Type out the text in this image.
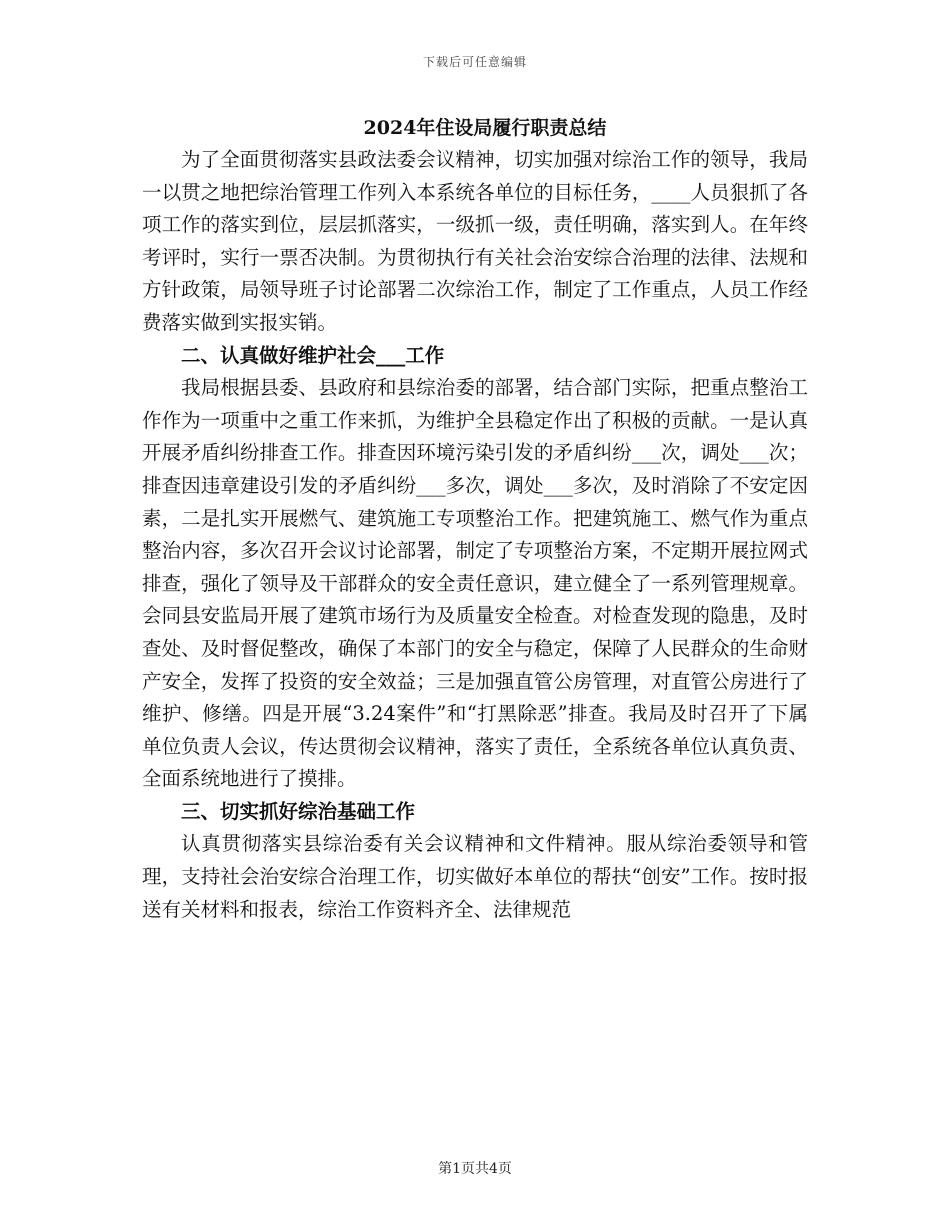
下载后可任意编辑
2024年住设局履行职责总结

为了全面贯彻落实县政法委会议精神，切实加强对综治工作的领导，我局一以贯之地把综治管理工作列入本系统各单位的目标任务，____人员狠抓了各项工作的落实到位，层层抓落实，一级抓一级，责任明确，落实到人。在年终考评时，实行一票否决制。为贯彻执行有关社会治安综合治理的法律、法规和方针政策，局领导班子讨论部署二次综治工作，制定了工作重点，人员工作经费落实做到实报实销。

二、认真做好维护社会___工作

我局根据县委、县政府和县综治委的部署，结合部门实际，把重点整治工作作为一项重中之重工作来抓，为维护全县稳定作出了积极的贡献。一是认真开展矛盾纠纷排查工作。排查因环境污染引发的矛盾纠纷___次，调处___次；排查因违章建设引发的矛盾纠纷___多次，调处___多次，及时消除了不安定因素，二是扎实开展燃气、建筑施工专项整治工作。把建筑施工、燃气作为重点整治内容，多次召开会议讨论部署，制定了专项整治方案，不定期开展拉网式排查，强化了领导及干部群众的安全责任意识，建立健全了一系列管理规章。会同县安监局开展了建筑市场行为及质量安全检查。对检查发现的隐患，及时查处、及时督促整改，确保了本部门的安全与稳定，保障了人民群众的生命财产安全，发挥了投资的安全效益；三是加强直管公房管理，对直管公房进行了维护、修缮。四是开展“3.24案件”和“打黑除恶”排查。我局及时召开了下属单位负责人会议，传达贯彻会议精神，落实了责任，全系统各单位认真负责、全面系统地进行了摸排。

三、切实抓好综治基础工作

认真贯彻落实县综治委有关会议精神和文件精神。服从综治委领导和管理，支持社会治安综合治理工作，切实做好本单位的帮扶“创安”工作。按时报送有关材料和报表，综治工作资料齐全、法律规范

第1页共4页
